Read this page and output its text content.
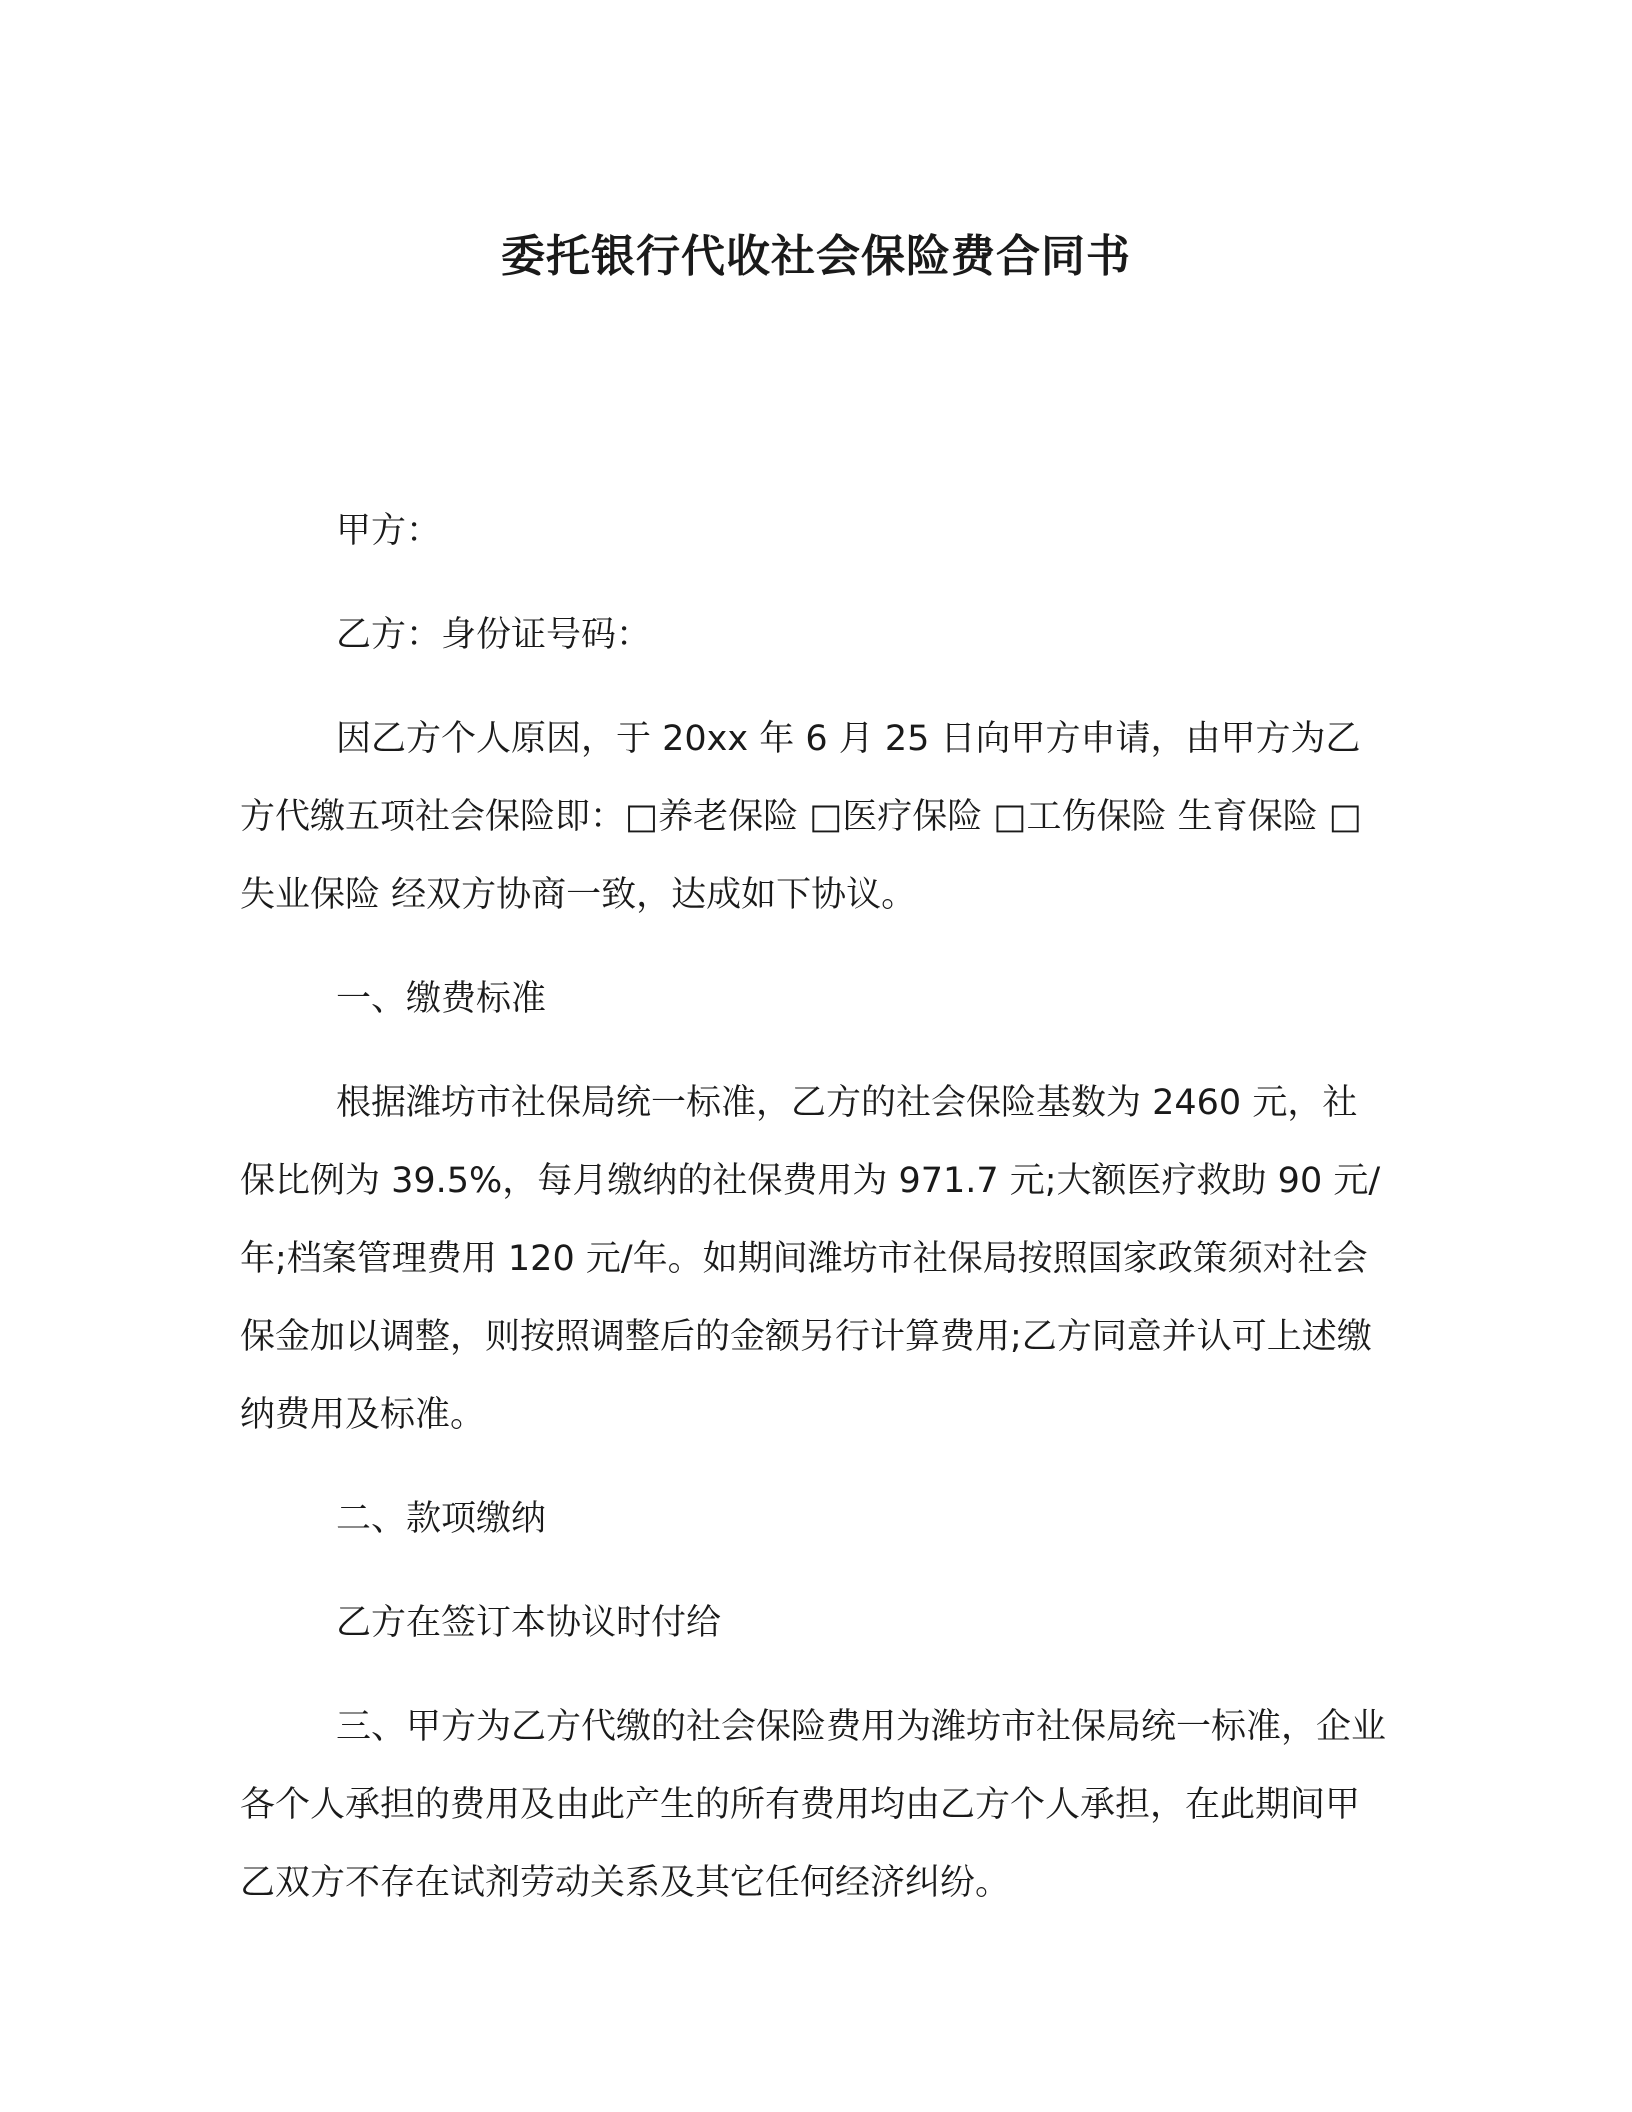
委托银行代收社会保险费合同书

甲方：

乙方：身份证号码：

因乙方个人原因，于 20xx 年 6 月 25 日向甲方申请，由甲方为乙方代缴五项社会保险即：□养老保险 □医疗保险 □工伤保险 生育保险 □失业保险 经双方协商一致，达成如下协议。

一、缴费标准

根据潍坊市社保局统一标准，乙方的社会保险基数为 2460 元，社保比例为 39.5%，每月缴纳的社保费用为 971.7 元;大额医疗救助 90 元/年;档案管理费用 120 元/年。如期间潍坊市社保局按照国家政策须对社会保金加以调整，则按照调整后的金额另行计算费用;乙方同意并认可上述缴纳费用及标准。

二、款项缴纳

乙方在签订本协议时付给

三、甲方为乙方代缴的社会保险费用为潍坊市社保局统一标准，企业各个人承担的费用及由此产生的所有费用均由乙方个人承担，在此期间甲乙双方不存在试剂劳动关系及其它任何经济纠纷。
